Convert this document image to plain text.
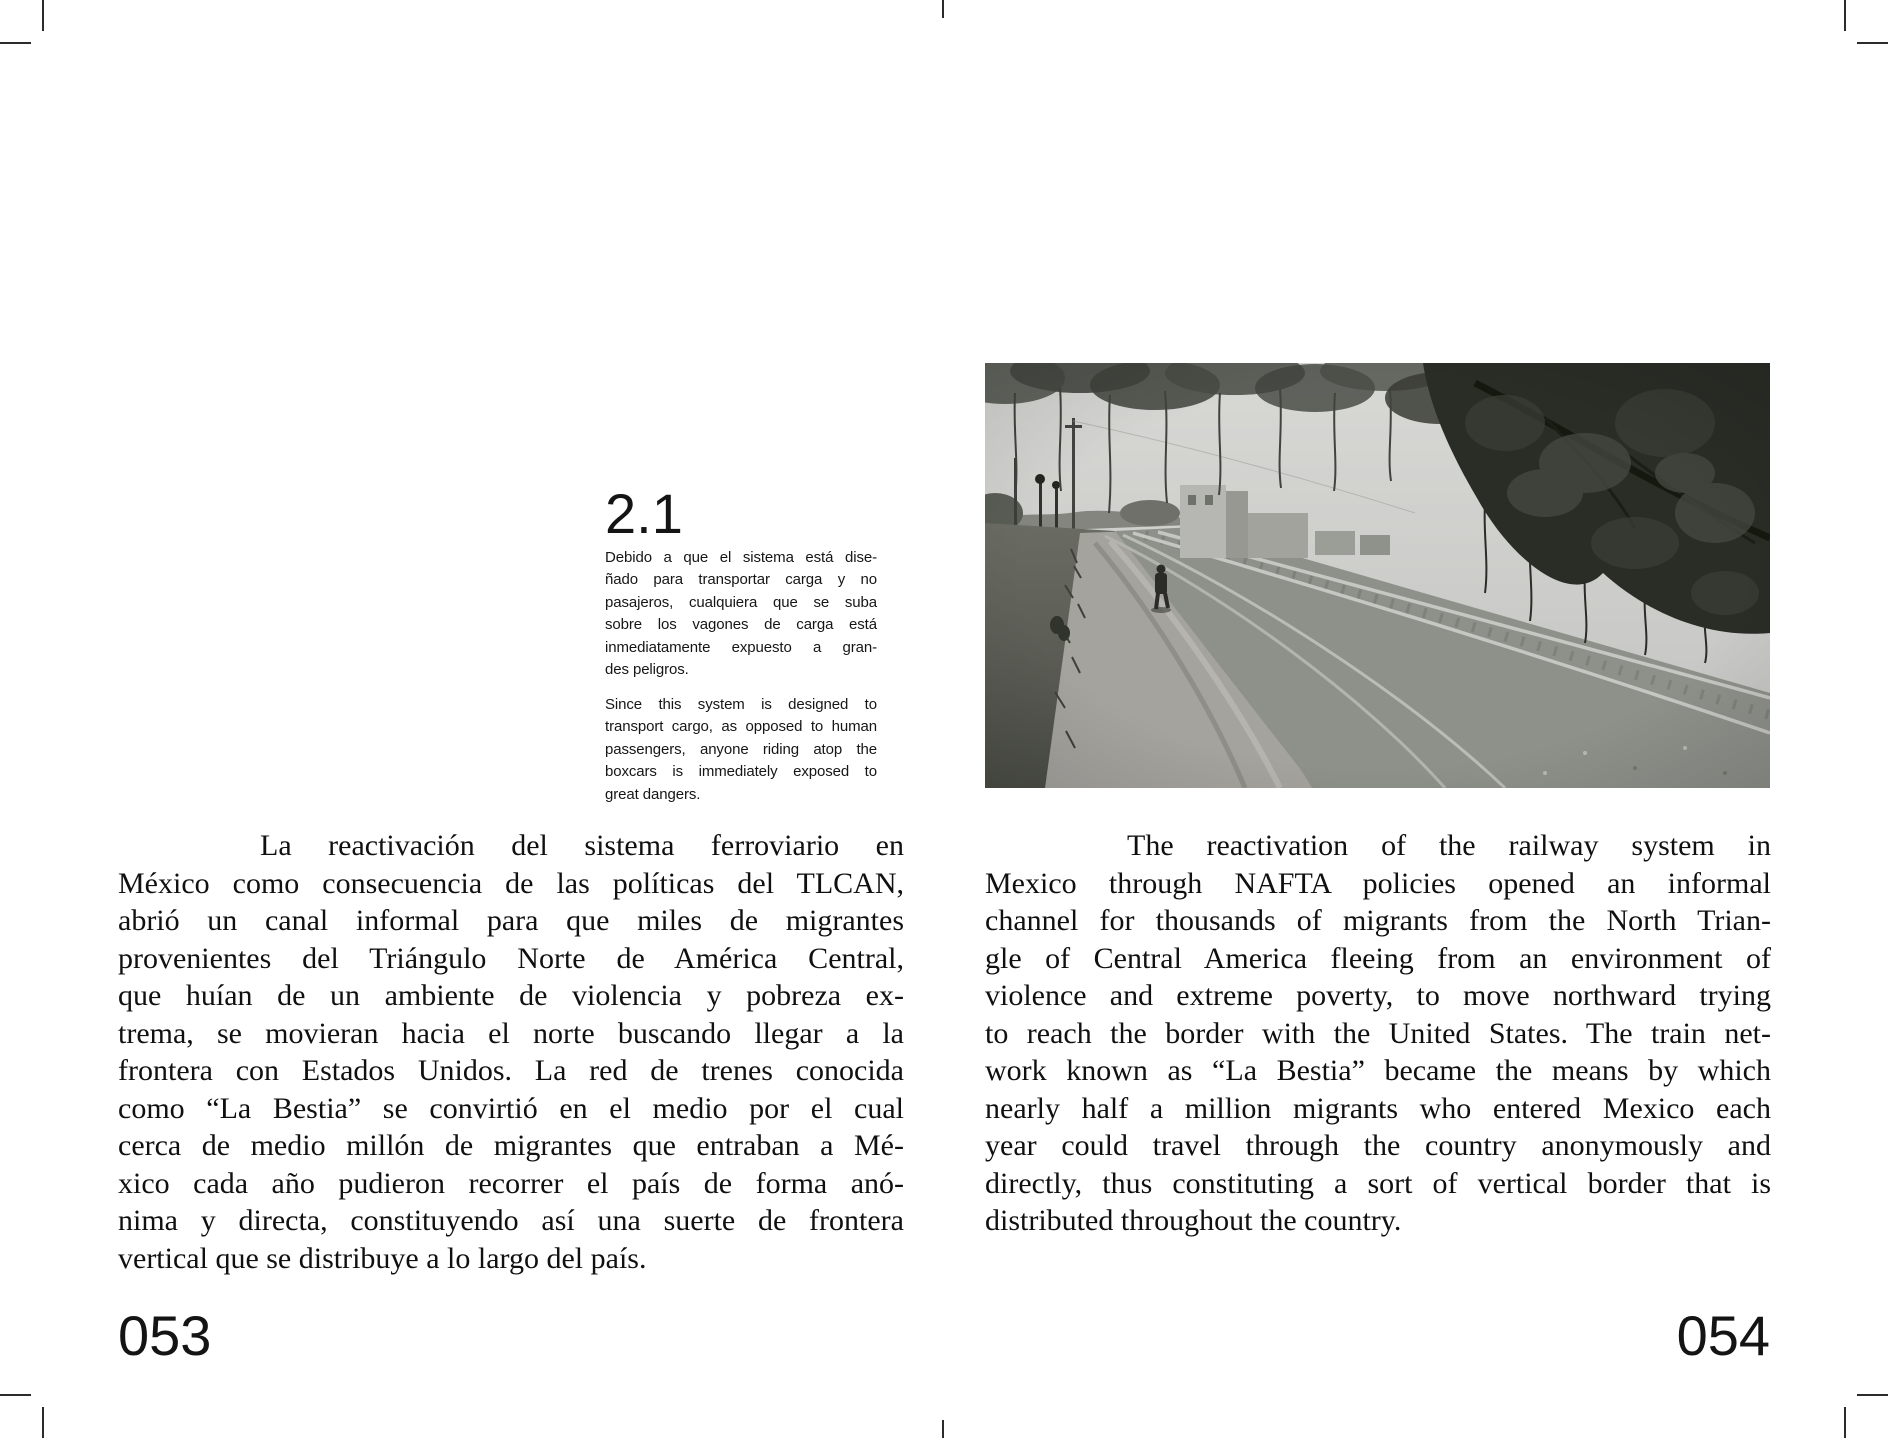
2.1
Debido a que el sistema está dise-
ñado para transportar carga y no
pasajeros, cualquiera que se suba
sobre los vagones de carga está
inmediatamente expuesto a gran-
des peligros.
Since this system is designed to
transport cargo, as opposed to human
passengers, anyone riding atop the
boxcars is immediately exposed to
great dangers.
La reactivación del sistema ferroviario en
México como consecuencia de las políticas del TLCAN,
abrió un canal informal para que miles de migrantes
provenientes del Triángulo Norte de América Central,
que huían de un ambiente de violencia y pobreza ex-
trema, se movieran hacia el norte buscando llegar a la
frontera con Estados Unidos. La red de trenes conocida
como “La Bestia” se convirtió en el medio por el cual
cerca de medio millón de migrantes que entraban a Mé-
xico cada año pudieron recorrer el país de forma anó-
nima y directa, constituyendo así una suerte de frontera
vertical que se distribuye a lo largo del país.
053
The reactivation of the railway system in
Mexico through NAFTA policies opened an informal
channel for thousands of migrants from the North Trian-
gle of Central America fleeing from an environment of
violence and extreme poverty, to move northward trying
to reach the border with the United States. The train net-
work known as “La Bestia” became the means by which
nearly half a million migrants who entered Mexico each
year could travel through the country anonymously and
directly, thus constituting a sort of vertical border that is
distributed throughout the country.
054
